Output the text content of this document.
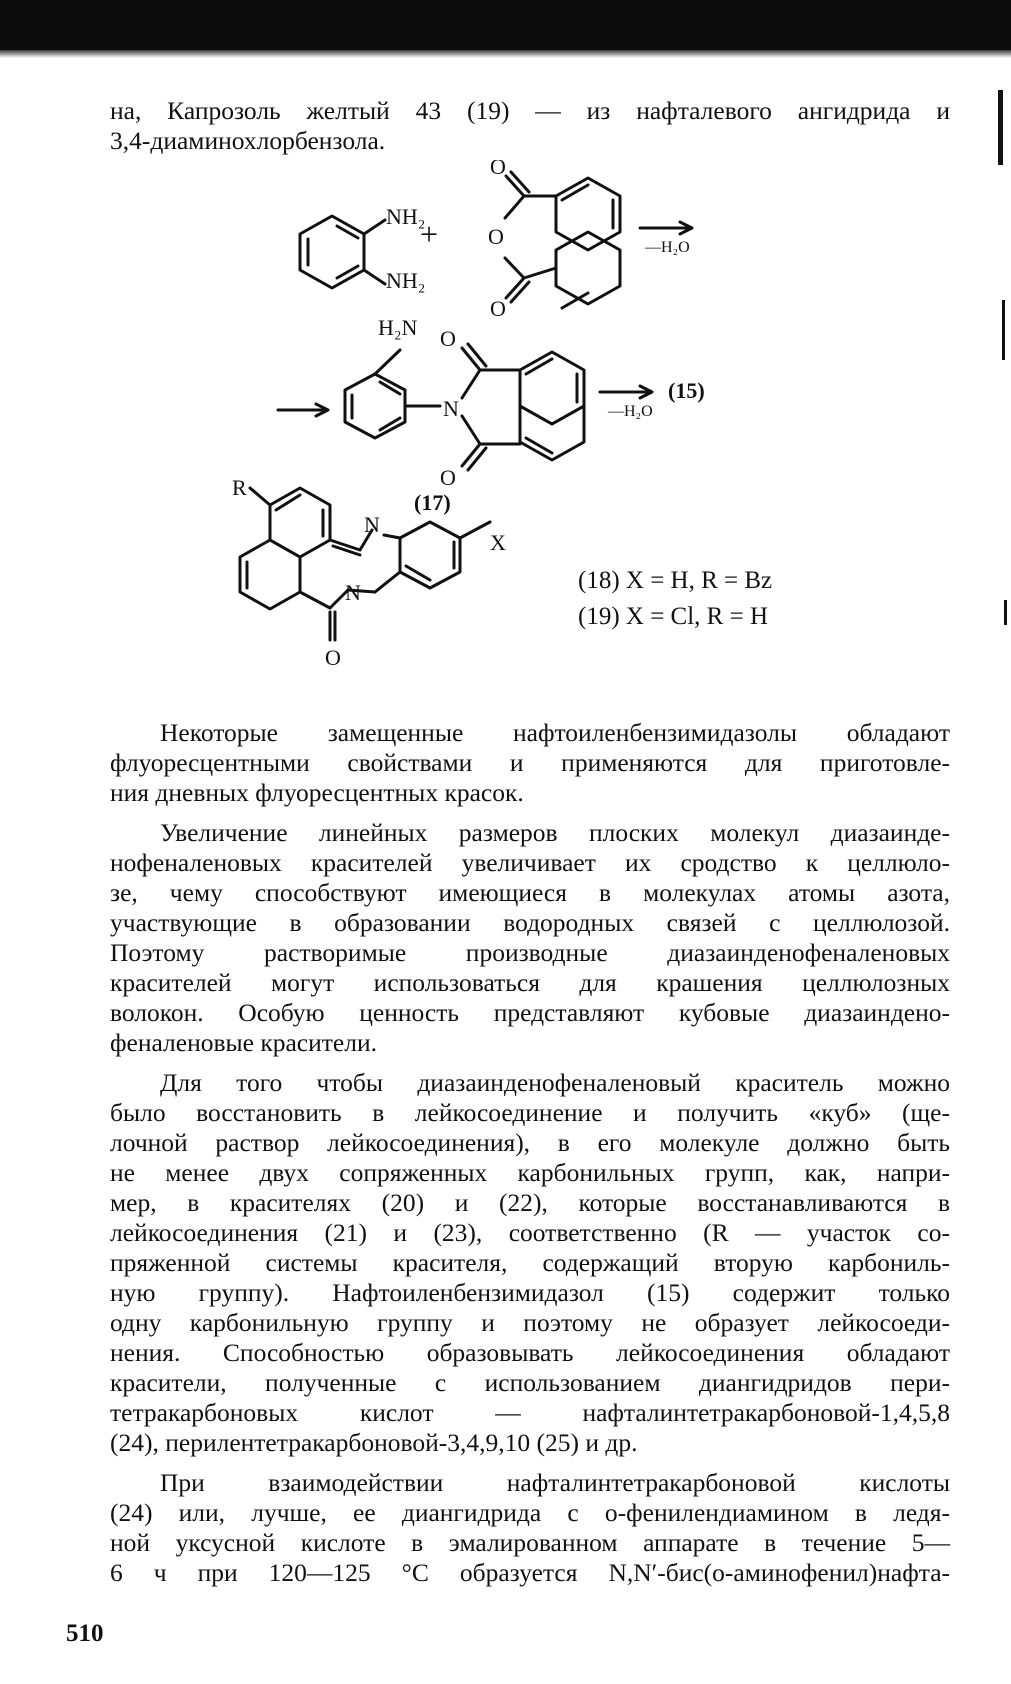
на, Капрозоль желтый 43 (19) — из нафталевого ангидрида и
3,4-диаминохлорбензола.
NH₂
NH₂
+
O
O
O
—H₂O
H₂N O
N
O
—H₂O
(15)
(17)
R
N
N
X
O
(18) X = H, R = Bz
(19) X = Cl, R = H
Некоторые замещенные нафтоиленбензимидазолы обладают
флуоресцентными свойствами и применяются для приготовле-
ния дневных флуоресцентных красок.
Увеличение линейных размеров плоских молекул диазаинде-
нофеналеновых красителей увеличивает их сродство к целлюло-
зе, чему способствуют имеющиеся в молекулах атомы азота,
участвующие в образовании водородных связей с целлюлозой.
Поэтому растворимые производные диазаинденофеналеновых
красителей могут использоваться для крашения целлюлозных
волокон. Особую ценность представляют кубовые диазаиндено-
феналеновые красители.
Для того чтобы диазаинденофеналеновый краситель можно
было восстановить в лейкосоединение и получить «куб» (ще-
лочной раствор лейкосоединения), в его молекуле должно быть
не менее двух сопряженных карбонильных групп, как, напри-
мер, в красителях (20) и (22), которые восстанавливаются в
лейкосоединения (21) и (23), соответственно (R — участок со-
пряженной системы красителя, содержащий вторую карбониль-
ную группу). Нафтоиленбензимидазол (15) содержит только
одну карбонильную группу и поэтому не образует лейкосоеди-
нения. Способностью образовывать лейкосоединения обладают
красители, полученные с использованием диангидридов пери-
тетракарбоновых кислот — нафталинтетракарбоновой-1,4,5,8
(24), перилентетракарбоновой-3,4,9,10 (25) и др.
При взаимодействии нафталинтетракарбоновой кислоты
(24) или, лучше, ее диангидрида с о-фенилендиамином в ледя-
ной уксусной кислоте в эмалированном аппарате в течение 5—
6 ч при 120—125 °С образуется N,N′-бис(о-аминофенил)нафта-
510
